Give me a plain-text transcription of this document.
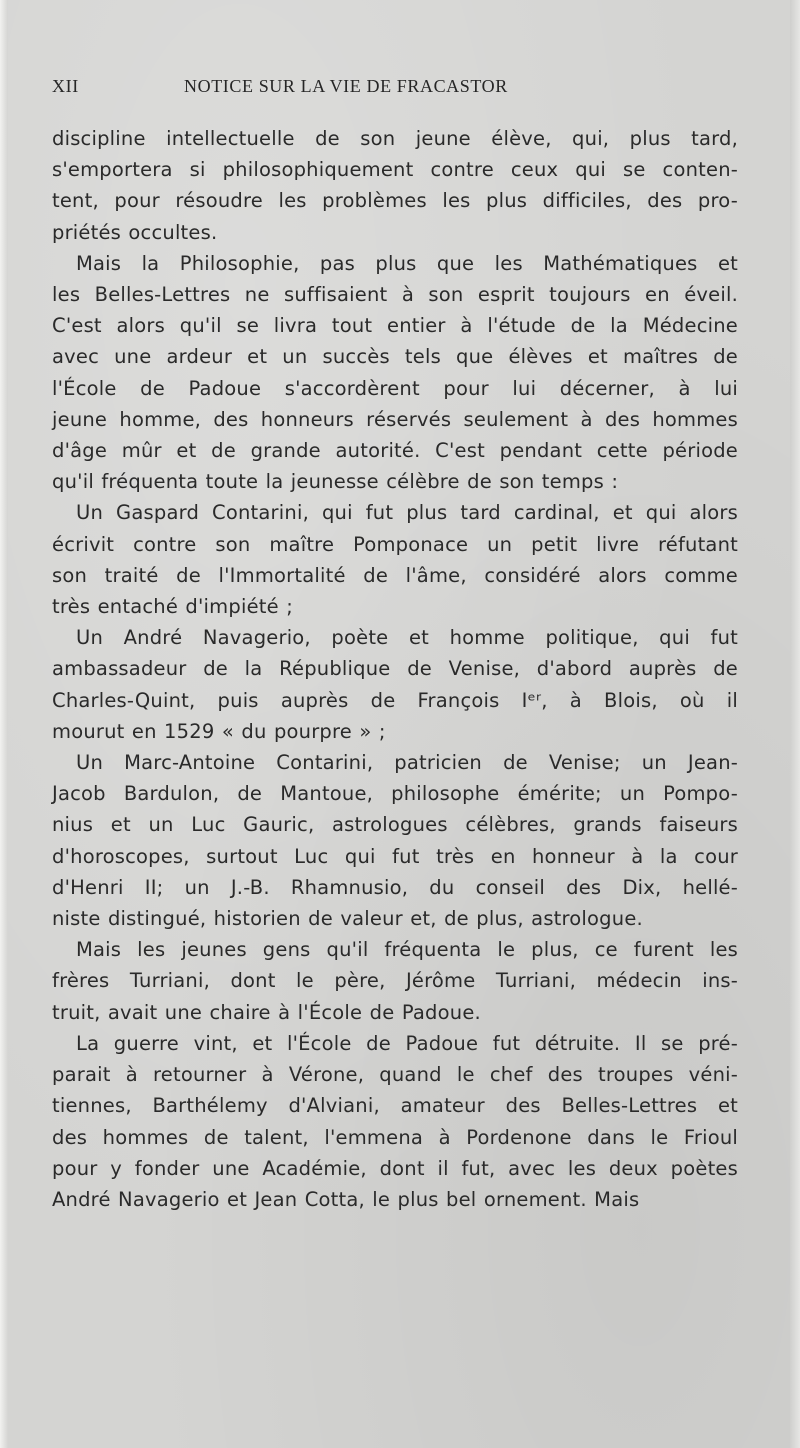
XII	NOTICE SUR LA VIE DE FRACASTOR
discipline intellectuelle de son jeune élève, qui, plus tard,
s'emportera si philosophiquement contre ceux qui se conten-
tent, pour résoudre les problèmes les plus difficiles, des pro-
priétés occultes.
Mais la Philosophie, pas plus que les Mathématiques et
les Belles-Lettres ne suffisaient à son esprit toujours en éveil.
C'est alors qu'il se livra tout entier à l'étude de la Médecine
avec une ardeur et un succès tels que élèves et maîtres de
l'École de Padoue s'accordèrent pour lui décerner, à lui
jeune homme, des honneurs réservés seulement à des hommes
d'âge mûr et de grande autorité. C'est pendant cette période
qu'il fréquenta toute la jeunesse célèbre de son temps :
Un Gaspard Contarini, qui fut plus tard cardinal, et qui alors
écrivit contre son maître Pomponace un petit livre réfutant
son traité de l'Immortalité de l'âme, considéré alors comme
très entaché d'impiété ;
Un André Navagerio, poète et homme politique, qui fut
ambassadeur de la République de Venise, d'abord auprès de
Charles-Quint, puis auprès de François Iᵉʳ, à Blois, où il
mourut en 1529 « du pourpre » ;
Un Marc-Antoine Contarini, patricien de Venise; un Jean-
Jacob Bardulon, de Mantoue, philosophe émérite; un Pompo-
nius et un Luc Gauric, astrologues célèbres, grands faiseurs
d'horoscopes, surtout Luc qui fut très en honneur à la cour
d'Henri II; un J.-B. Rhamnusio, du conseil des Dix, hellé-
niste distingué, historien de valeur et, de plus, astrologue.
Mais les jeunes gens qu'il fréquenta le plus, ce furent les
frères Turriani, dont le père, Jérôme Turriani, médecin ins-
truit, avait une chaire à l'École de Padoue.
La guerre vint, et l'École de Padoue fut détruite. Il se pré-
parait à retourner à Vérone, quand le chef des troupes véni-
tiennes, Barthélemy d'Alviani, amateur des Belles-Lettres et
des hommes de talent, l'emmena à Pordenone dans le Frioul
pour y fonder une Académie, dont il fut, avec les deux poètes
André Navagerio et Jean Cotta, le plus bel ornement. Mais
